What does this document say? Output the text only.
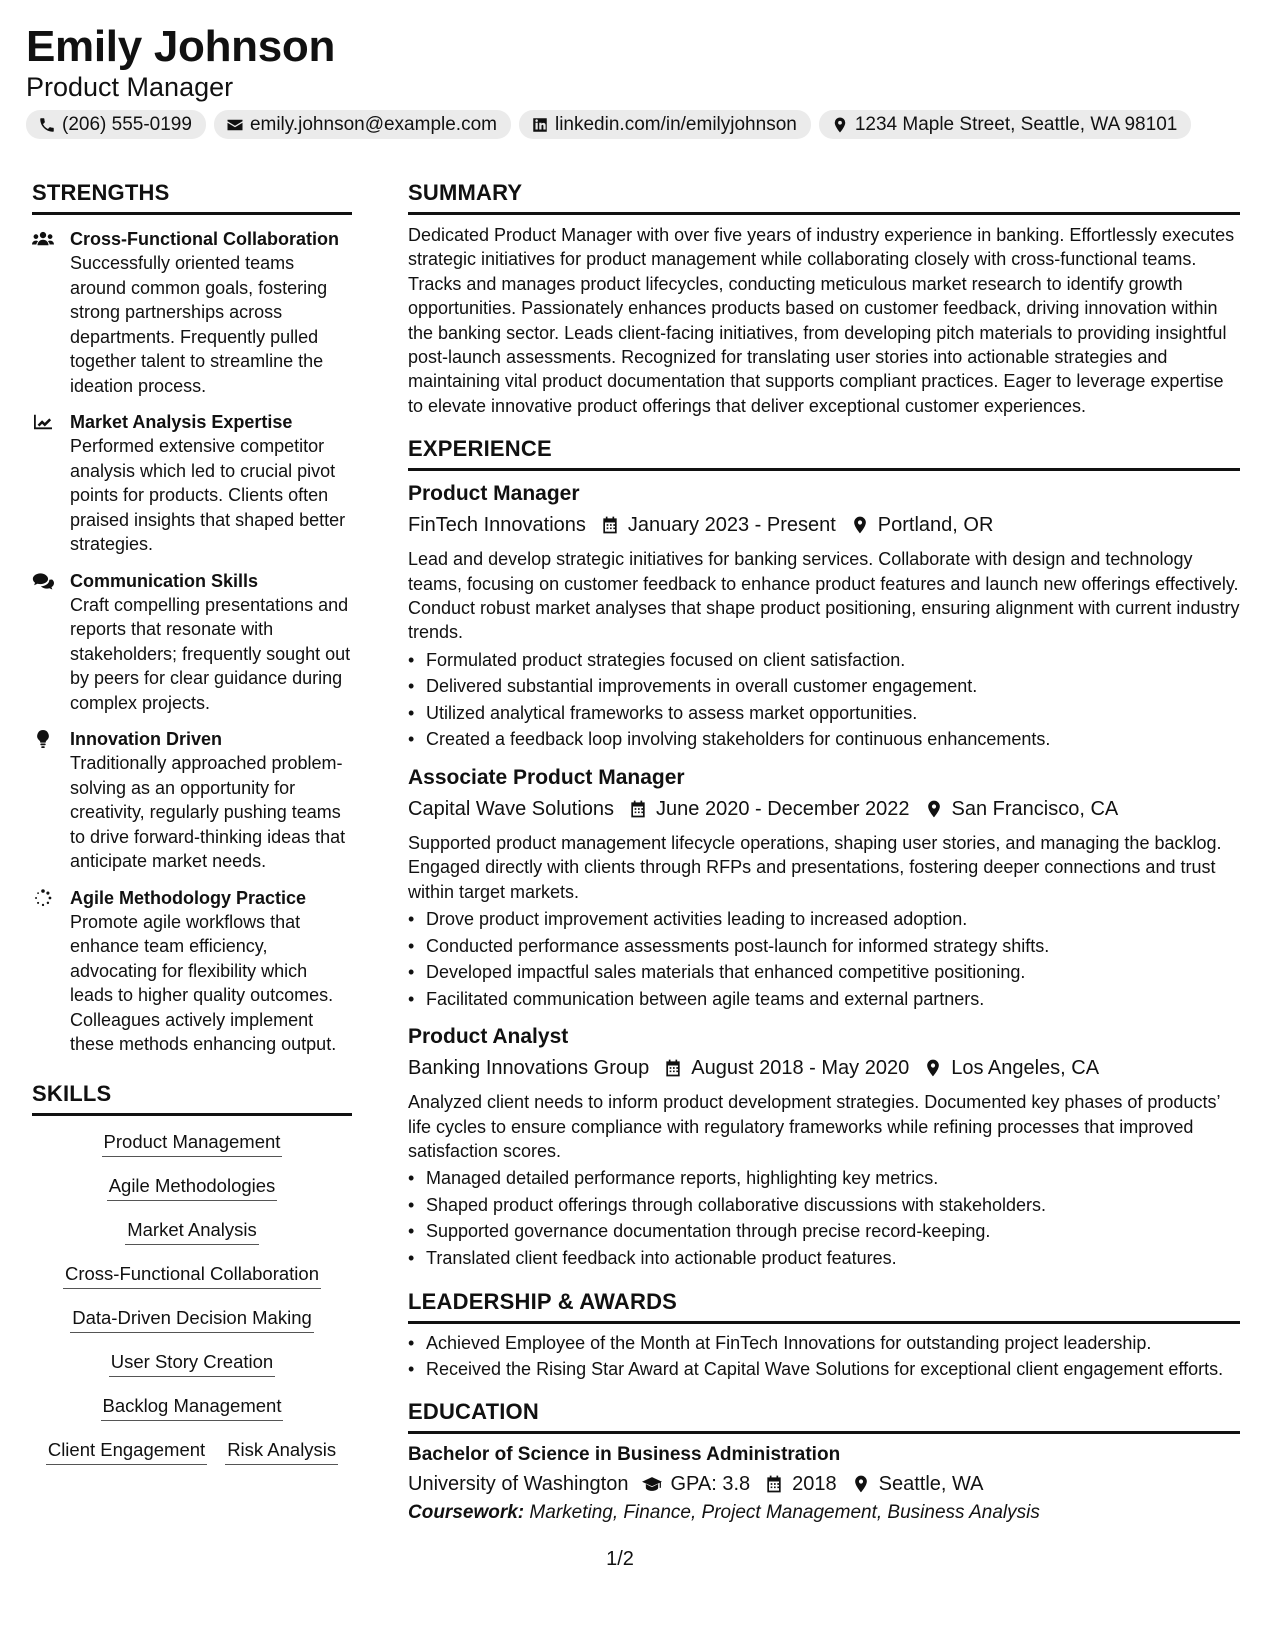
Emily Johnson
Product Manager
(206) 555-0199	emily.johnson@example.com	linkedin.com/in/emilyjohnson	1234 Maple Street, Seattle, WA 98101
STRENGTHS
Cross-Functional Collaboration
Successfully oriented teams around common goals, fostering strong partnerships across departments. Frequently pulled together talent to streamline the ideation process.
Market Analysis Expertise
Performed extensive competitor analysis which led to crucial pivot points for products. Clients often praised insights that shaped better strategies.
Communication Skills
Craft compelling presentations and reports that resonate with stakeholders; frequently sought out by peers for clear guidance during complex projects.
Innovation Driven
Traditionally approached problem-solving as an opportunity for creativity, regularly pushing teams to drive forward-thinking ideas that anticipate market needs.
Agile Methodology Practice
Promote agile workflows that enhance team efficiency, advocating for flexibility which leads to higher quality outcomes. Colleagues actively implement these methods enhancing output.
SKILLS
Product Management
Agile Methodologies
Market Analysis
Cross-Functional Collaboration
Data-Driven Decision Making
User Story Creation
Backlog Management
Client Engagement Risk Analysis
SUMMARY

Dedicated Product Manager with over five years of industry experience in banking. Effortlessly executes strategic initiatives for product management while collaborating closely with cross-functional teams. Tracks and manages product lifecycles, conducting meticulous market research to identify growth opportunities. Passionately enhances products based on customer feedback, driving innovation within the banking sector. Leads client-facing initiatives, from developing pitch materials to providing insightful post-launch assessments. Recognized for translating user stories into actionable strategies and maintaining vital product documentation that supports compliant practices. Eager to leverage expertise to elevate innovative product offerings that deliver exceptional customer experiences.

EXPERIENCE
Product Manager
FinTech Innovations January 2023 - Present Portland, OR

Lead and develop strategic initiatives for banking services. Collaborate with design and technology teams, focusing on customer feedback to enhance product features and launch new offerings effectively. Conduct robust market analyses that shape product positioning, ensuring alignment with current industry trends.

• Formulated product strategies focused on client satisfaction.
• Delivered substantial improvements in overall customer engagement.
• Utilized analytical frameworks to assess market opportunities.
• Created a feedback loop involving stakeholders for continuous enhancements.
Associate Product Manager
Capital Wave Solutions June 2020 - December 2022 San Francisco, CA

Supported product management lifecycle operations, shaping user stories, and managing the backlog. Engaged directly with clients through RFPs and presentations, fostering deeper connections and trust within target markets.

• Drove product improvement activities leading to increased adoption.
• Conducted performance assessments post-launch for informed strategy shifts.
• Developed impactful sales materials that enhanced competitive positioning.
• Facilitated communication between agile teams and external partners.
Product Analyst
Banking Innovations Group August 2018 - May 2020 Los Angeles, CA

Analyzed client needs to inform product development strategies. Documented key phases of products’ life cycles to ensure compliance with regulatory frameworks while refining processes that improved satisfaction scores.

• Managed detailed performance reports, highlighting key metrics.
• Shaped product offerings through collaborative discussions with stakeholders.
• Supported governance documentation through precise record-keeping.
• Translated client feedback into actionable product features.
LEADERSHIP & AWARDS
• Achieved Employee of the Month at FinTech Innovations for outstanding project leadership.
• Received the Rising Star Award at Capital Wave Solutions for exceptional client engagement efforts.
EDUCATION
Bachelor of Science in Business Administration
University of Washington GPA: 3.8 2018 Seattle, WA
Coursework: Marketing, Finance, Project Management, Business Analysis
1/2
